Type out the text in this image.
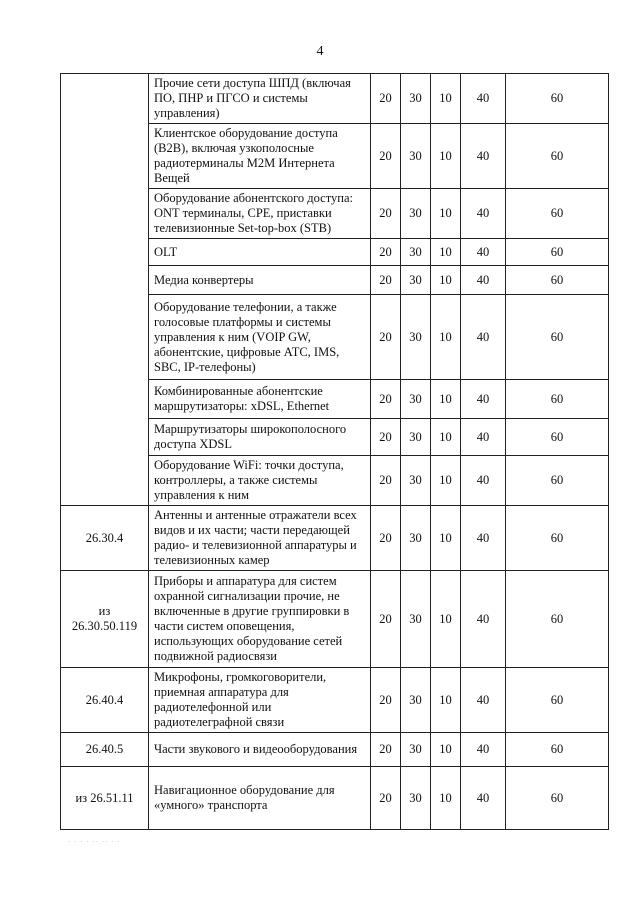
4
	Прочие сети доступа ШПД (включая ПО, ПНР и ПГСО и системы управления)	20	30	10	40	60
	Клиентское оборудование доступа (B2B), включая узкополосные радиотерминалы M2M Интернета Вещей	20	30	10	40	60
	Оборудование абонентского доступа: ONT терминалы, CPE, приставки телевизионные Set-top-box (STB)	20	30	10	40	60
	OLT	20	30	10	40	60
	Медиа конвертеры	20	30	10	40	60
	Оборудование телефонии, а также голосовые платформы и системы управления к ним (VOIP GW, абонентские, цифровые АТС, IMS, SBC, IP-телефоны)	20	30	10	40	60
	Комбинированные абонентские маршрутизаторы: xDSL, Ethernet	20	30	10	40	60
	Маршрутизаторы широкополосного доступа XDSL	20	30	10	40	60
	Оборудование WiFi: точки доступа, контроллеры, а также системы управления к ним	20	30	10	40	60
26.30.4	Антенны и антенные отражатели всех видов и их части; части передающей радио- и телевизионной аппаратуры и телевизионных камер	20	30	10	40	60
из 26.30.50.119	Приборы и аппаратура для систем охранной сигнализации прочие, не включенные в другие группировки в части систем оповещения, использующих оборудование сетей подвижной радиосвязи	20	30	10	40	60
26.40.4	Микрофоны, громкоговорители, приемная аппаратура для радиотелефонной или радиотелеграфной связи	20	30	10	40	60
26.40.5	Части звукового и видеооборудования	20	30	10	40	60
из 26.51.11	Навигационное оборудование для «умного» транспорта	20	30	10	40	60
· · · · ·· ·· · ·
